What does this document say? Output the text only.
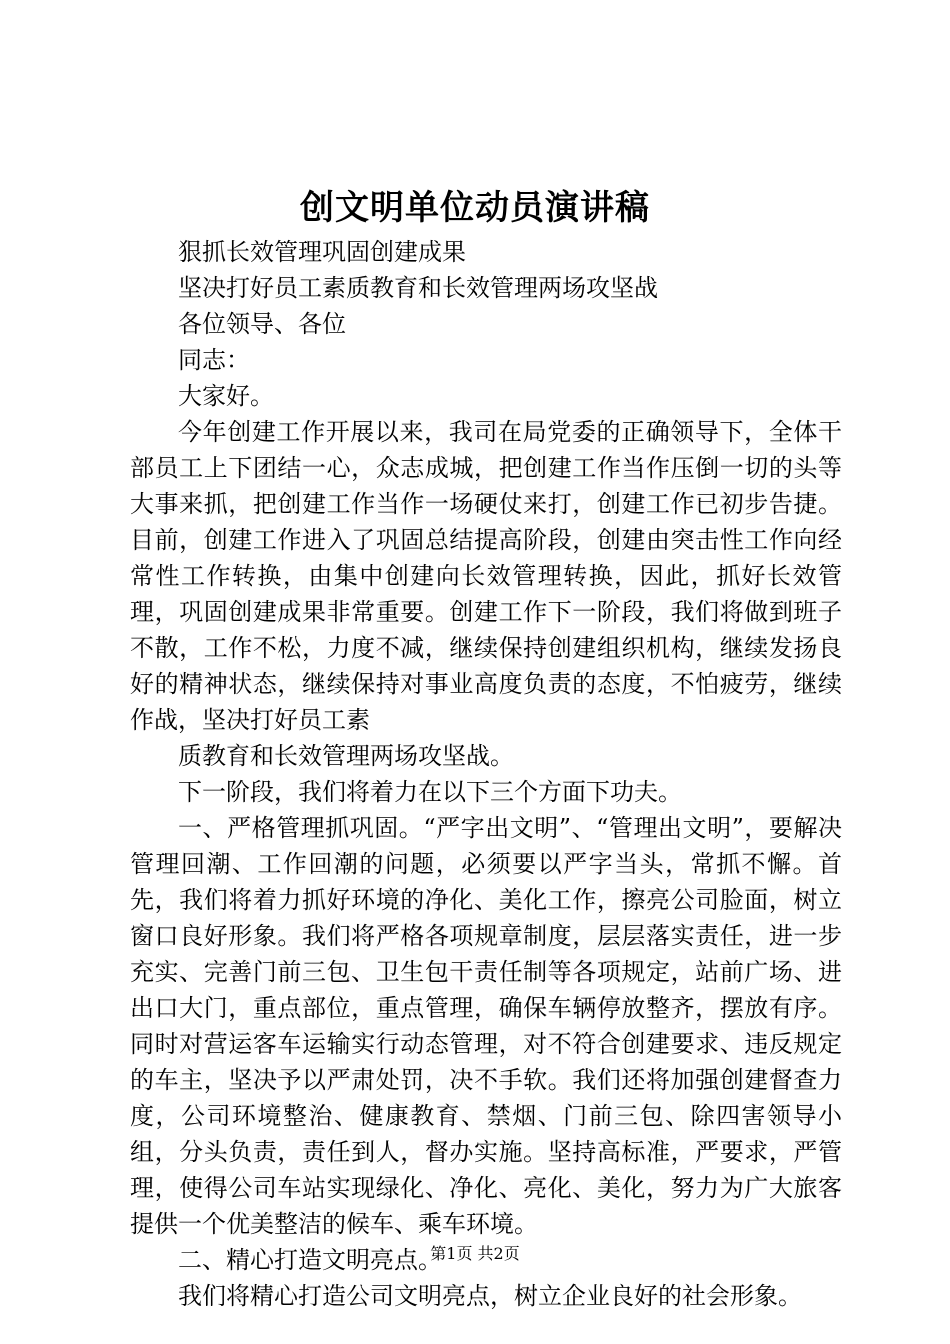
创文明单位动员演讲稿

狠抓长效管理巩固创建成果

坚决打好员工素质教育和长效管理两场攻坚战

各位领导、各位

同志：

大家好。

今年创建工作开展以来，我司在局党委的正确领导下，全体干部员工上下团结一心，众志成城，把创建工作当作压倒一切的头等大事来抓，把创建工作当作一场硬仗来打，创建工作已初步告捷。目前，创建工作进入了巩固总结提高阶段，创建由突击性工作向经常性工作转换，由集中创建向长效管理转换，因此，抓好长效管理，巩固创建成果非常重要。创建工作下一阶段，我们将做到班子不散，工作不松，力度不减，继续保持创建组织机构，继续发扬良好的精神状态，继续保持对事业高度负责的态度，不怕疲劳，继续作战，坚决打好员工素

质教育和长效管理两场攻坚战。

下一阶段，我们将着力在以下三个方面下功夫。

一、严格管理抓巩固。“严字出文明”、“管理出文明”，要解决管理回潮、工作回潮的问题，必须要以严字当头，常抓不懈。首先，我们将着力抓好环境的净化、美化工作，擦亮公司脸面，树立窗口良好形象。我们将严格各项规章制度，层层落实责任，进一步充实、完善门前三包、卫生包干责任制等各项规定，站前广场、进出口大门，重点部位，重点管理，确保车辆停放整齐，摆放有序。同时对营运客车运输实行动态管理，对不符合创建要求、违反规定的车主，坚决予以严肃处罚，决不手软。我们还将加强创建督查力度，公司环境整治、健康教育、禁烟、门前三包、除四害领导小组，分头负责，责任到人，督办实施。坚持高标准，严要求，严管理，使得公司车站实现绿化、净化、亮化、美化，努力为广大旅客提供一个优美整洁的候车、乘车环境。

二、精心打造文明亮点。

我们将精心打造公司文明亮点，树立企业良好的社会形象。

第1页 共2页
